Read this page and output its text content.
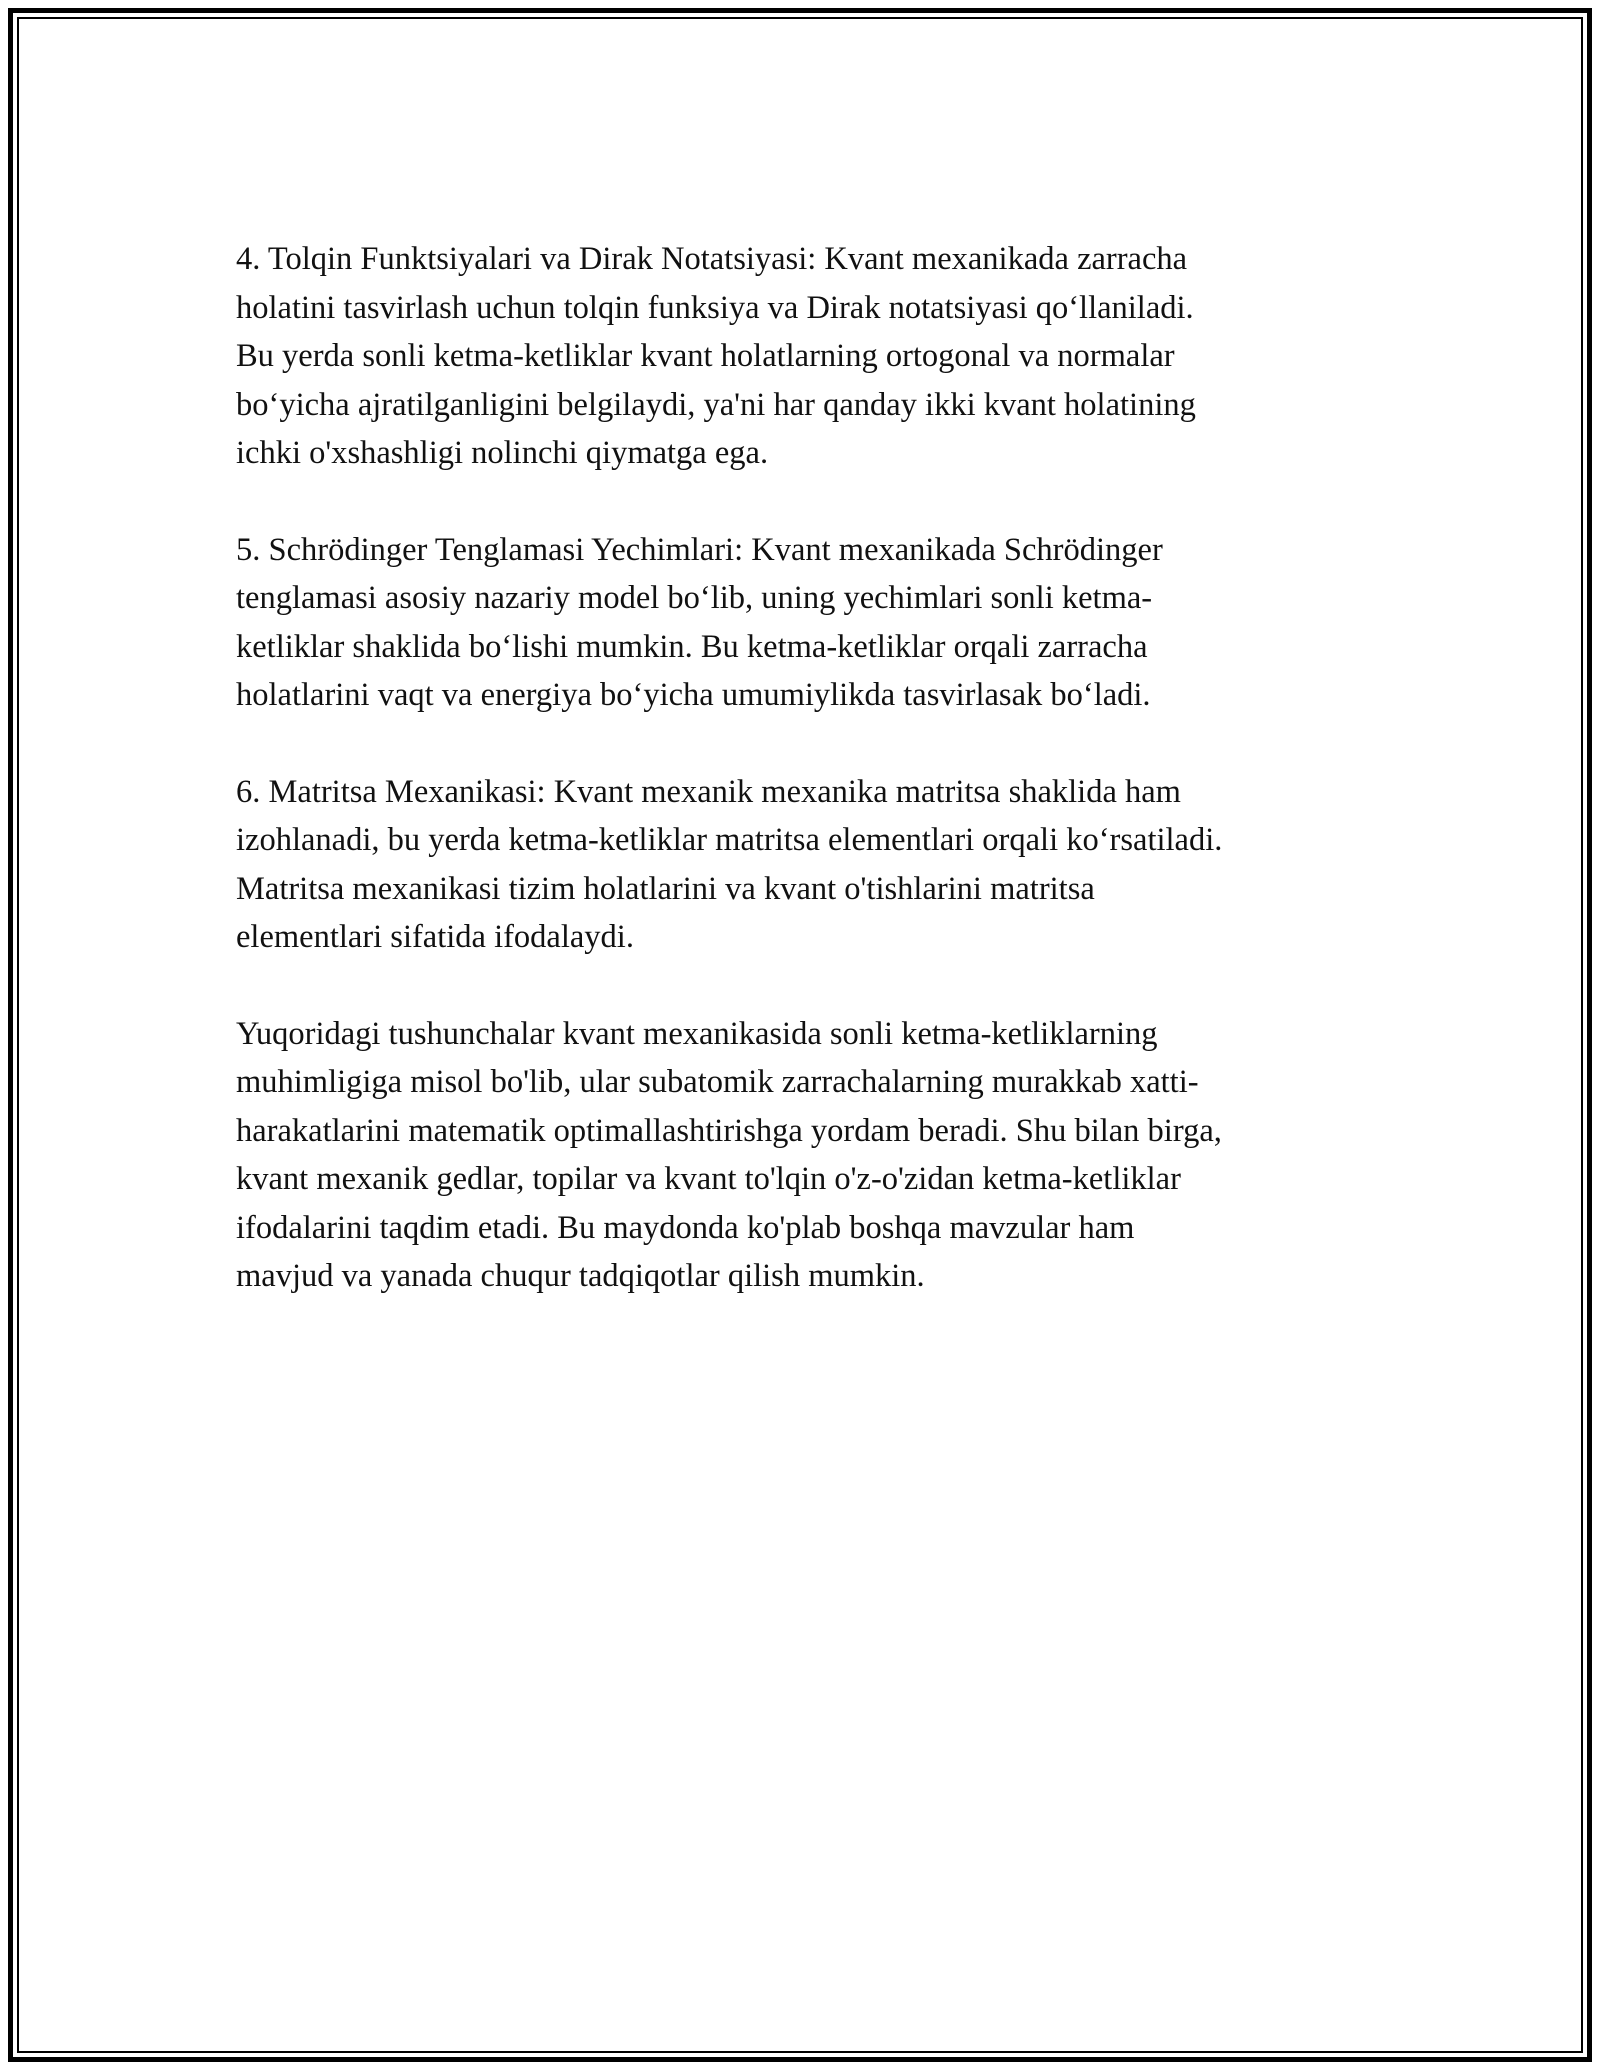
4. Tolqin Funktsiyalari va Dirak Notatsiyasi: Kvant mexanikada zarracha
holatini tasvirlash uchun tolqin funksiya va Dirak notatsiyasi qo‘llaniladi.
Bu yerda sonli ketma-ketliklar kvant holatlarning ortogonal va normalar
bo‘yicha ajratilganligini belgilaydi, ya'ni har qanday ikki kvant holatining
ichki o'xshashligi nolinchi qiymatga ega.

5. Schrödinger Tenglamasi Yechimlari: Kvant mexanikada Schrödinger
tenglamasi asosiy nazariy model bo‘lib, uning yechimlari sonli ketma-
ketliklar shaklida bo‘lishi mumkin. Bu ketma-ketliklar orqali zarracha
holatlarini vaqt va energiya bo‘yicha umumiylikda tasvirlasak bo‘ladi.

6. Matritsa Mexanikasi: Kvant mexanik mexanika matritsa shaklida ham
izohlanadi, bu yerda ketma-ketliklar matritsa elementlari orqali ko‘rsatiladi.
Matritsa mexanikasi tizim holatlarini va kvant o'tishlarini matritsa
elementlari sifatida ifodalaydi.

Yuqoridagi tushunchalar kvant mexanikasida sonli ketma-ketliklarning
muhimligiga misol bo'lib, ular subatomik zarrachalarning murakkab xatti-
harakatlarini matematik optimallashtirishga yordam beradi. Shu bilan birga,
kvant mexanik gedlar, topilar va kvant to'lqin o'z-o'zidan ketma-ketliklar
ifodalarini taqdim etadi. Bu maydonda ko'plab boshqa mavzular ham
mavjud va yanada chuqur tadqiqotlar qilish mumkin.
